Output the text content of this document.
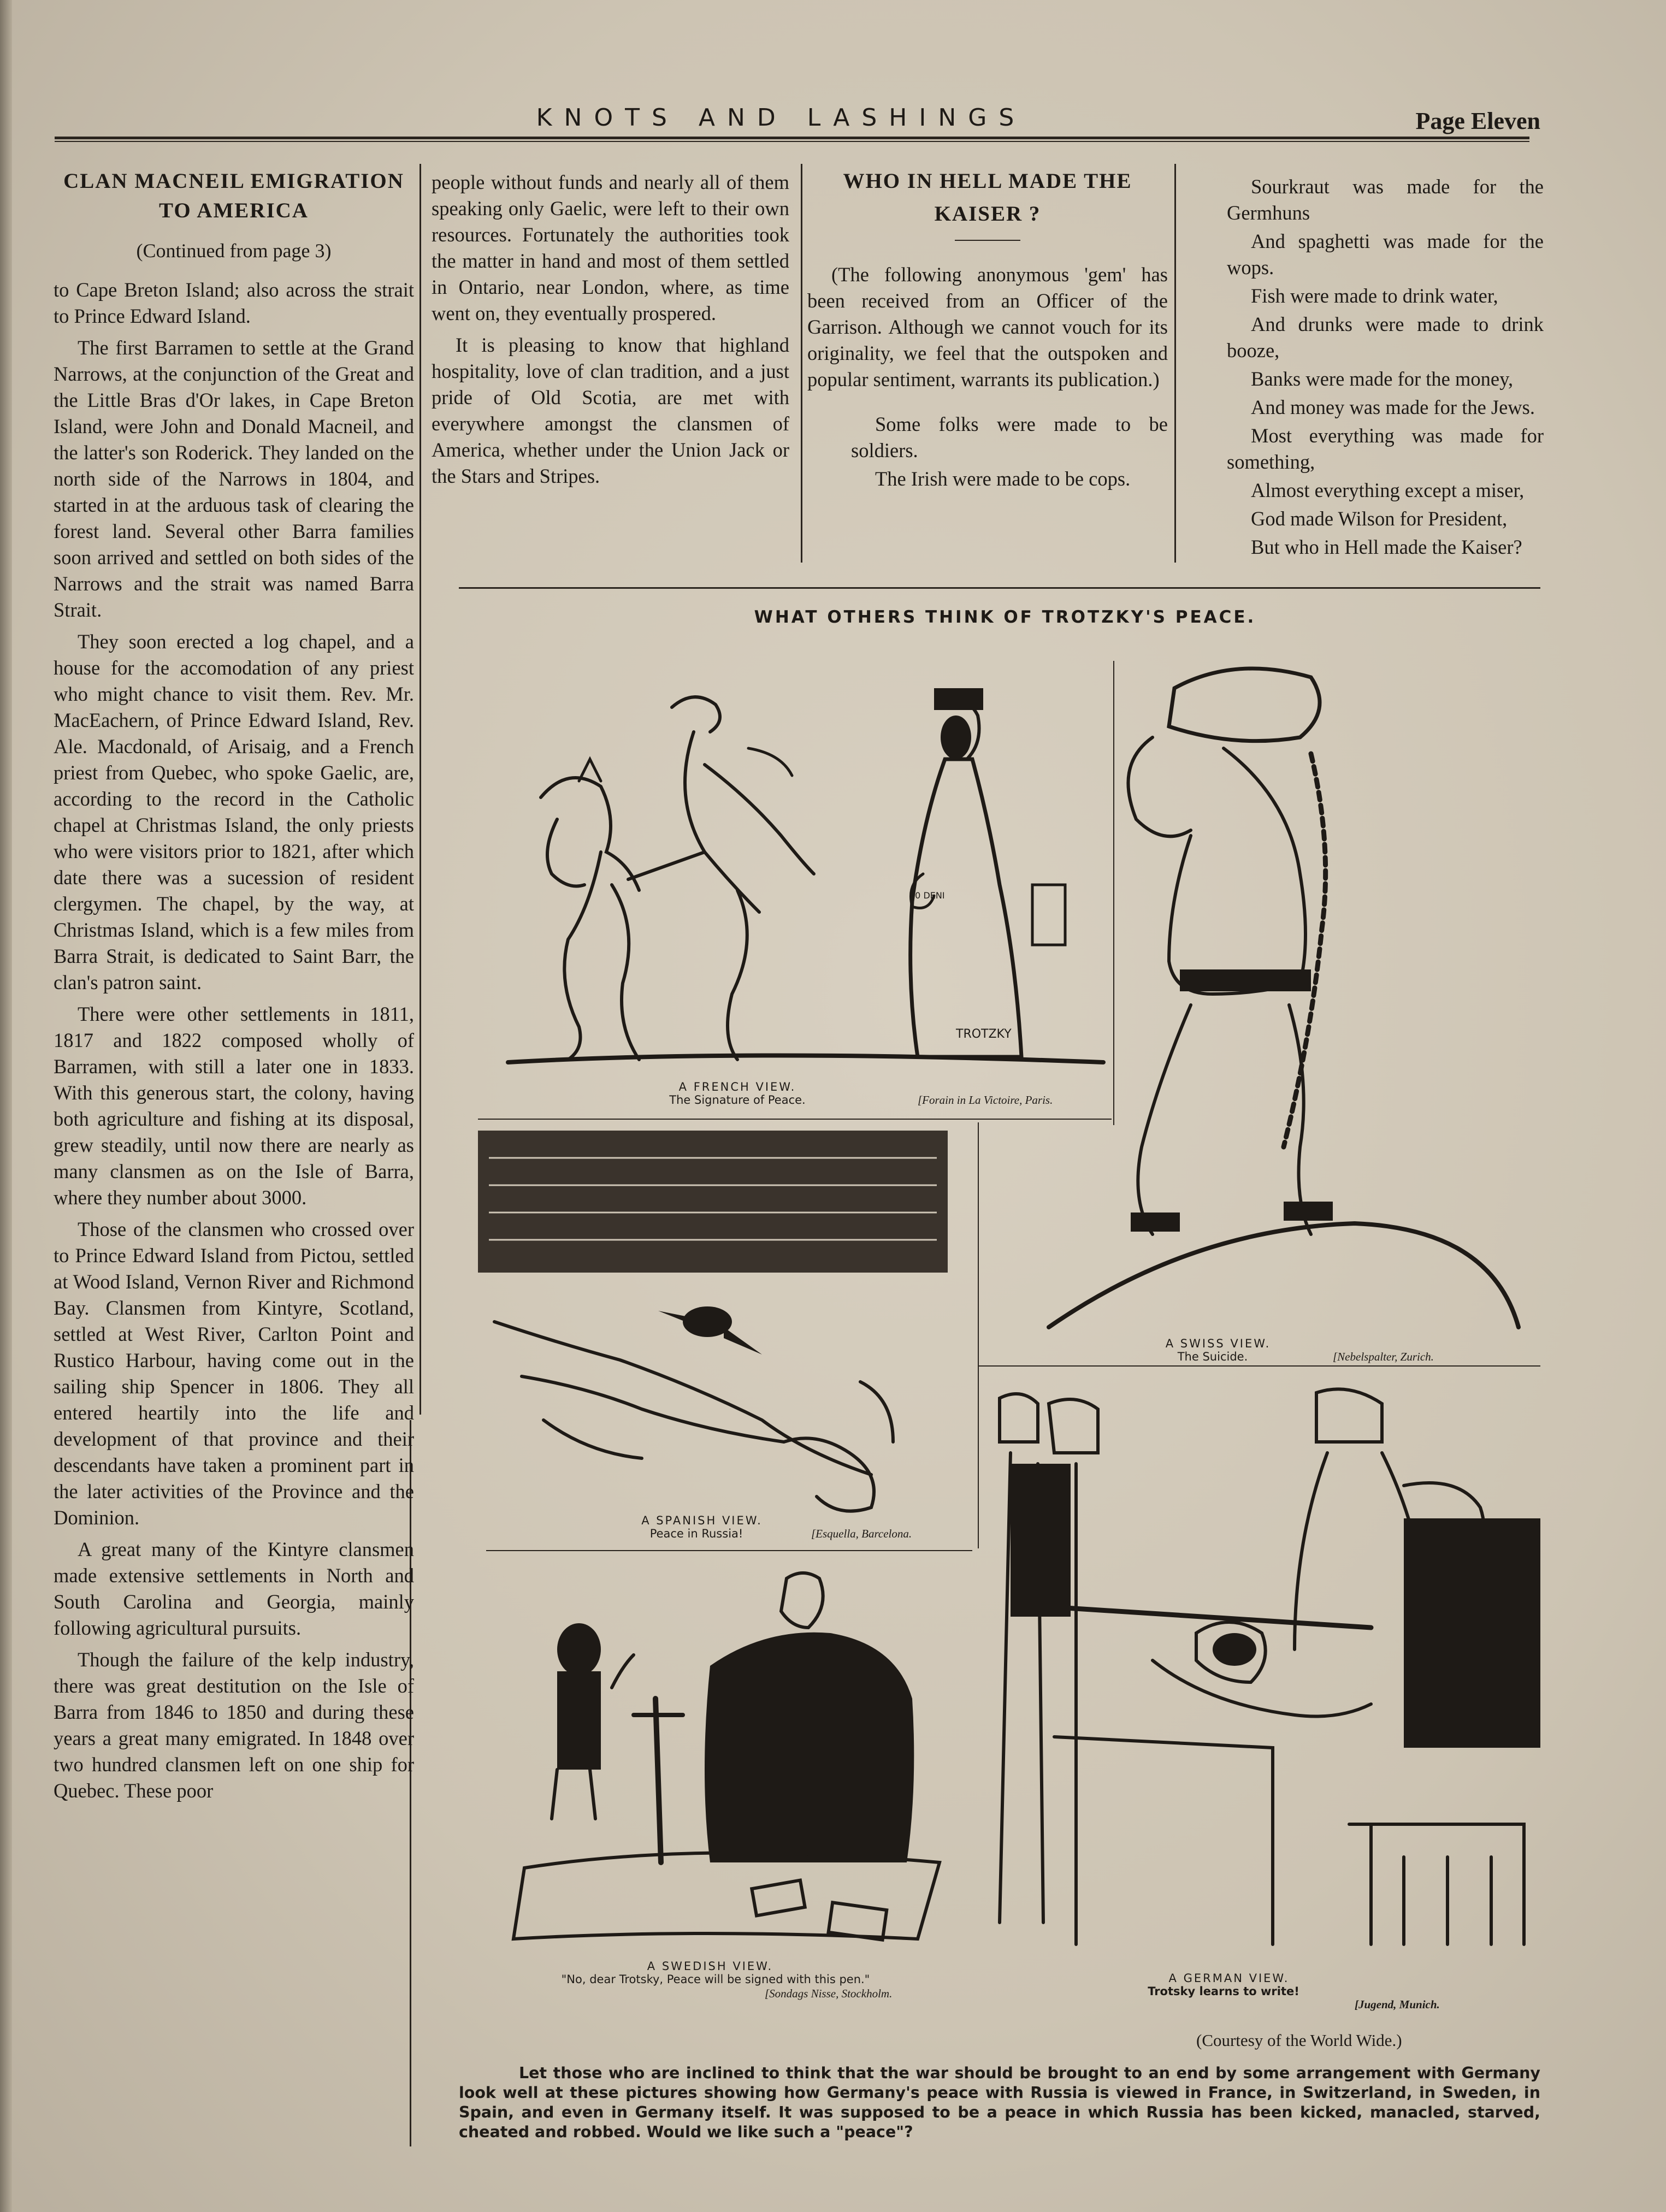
KNOTS AND LASHINGS	Page Eleven
CLAN MACNEIL EMIGRATION
TO AMERICA
(Continued from page 3)

to Cape Breton Island; also across the strait to Prince Edward Island.

The first Barramen to settle at the Grand Narrows, at the conjunction of the Great and the Little Bras d'Or lakes, in Cape Breton Island, were John and Donald Macneil, and the latter's son Roderick. They landed on the north side of the Narrows in 1804, and started in at the arduous task of clearing the forest land. Several other Barra families soon arrived and settled on both sides of the Narrows and the strait was named Barra Strait.

They soon erected a log chapel, and a house for the accomodation of any priest who might chance to visit them. Rev. Mr. MacEachern, of Prince Edward Island, Rev. Ale. Macdonald, of Arisaig, and a French priest from Quebec, who spoke Gaelic, are, according to the record in the Catholic chapel at Christmas Island, the only priests who were visitors prior to 1821, after which date there was a sucession of resident clergymen. The chapel, by the way, at Christmas Island, which is a few miles from Barra Strait, is dedicated to Saint Barr, the clan's patron saint.

There were other settlements in 1811, 1817 and 1822 composed wholly of Barramen, with still a later one in 1833. With this generous start, the colony, having both agriculture and fishing at its disposal, grew steadily, until now there are nearly as many clansmen as on the Isle of Barra, where they number about 3000.

Those of the clansmen who crossed over to Prince Edward Island from Pictou, settled at Wood Island, Vernon River and Richmond Bay. Clansmen from Kintyre, Scotland, settled at West River, Carlton Point and Rustico Harbour, having come out in the sailing ship Spencer in 1806. They all entered heartily into the life and development of that province and their descendants have taken a prominent part in the later activities of the Province and the Dominion.

A great many of the Kintyre clansmen made extensive settlements in North and South Carolina and Georgia, mainly following agricultural pursuits.

Though the failure of the kelp industry, there was great destitution on the Isle of Barra from 1846 to 1850 and during these years a great many emigrated. In 1848 over two hundred clansmen left on one ship for Quebec. These poor

people without funds and nearly all of them speaking only Gaelic, were left to their own resources. Fortunately the authorities took the matter in hand and most of them settled in Ontario, near London, where, as time went on, they eventually prospered.

It is pleasing to know that highland hospitality, love of clan tradition, and a just pride of Old Scotia, are met with everywhere amongst the clansmen of America, whether under the Union Jack or the Stars and Stripes.

WHO IN HELL MADE THE
KAISER ?

(The following anonymous 'gem' has been received from an Officer of the Garrison. Although we cannot vouch for its originality, we feel that the outspoken and popular sentiment, warrants its publication.)

Some folks were made to be soldiers.

The Irish were made to be cops.

Sourkraut was made for the Germhuns

And spaghetti was made for the wops.

Fish were made to drink water,

And drunks were made to drink booze,

Banks were made for the money,

And money was made for the Jews.

Most everything was made for something,

Almost everything except a miser,

God made Wilson for President,

But who in Hell made the Kaiser?

WHAT OTHERS THINK OF TROTZKY'S PEACE.
TROTZKY
20 DENI
A FRENCH VIEW.
The Signature of Peace.	[Forain in La Victoire, Paris.
A SWISS VIEW.
The Suicide.	[Nebelspalter, Zurich.
A SPANISH VIEW.
Peace in Russia!	[Esquella, Barcelona.
A SWEDISH VIEW.
"No, dear Trotsky, Peace will be signed with this pen."
[Sondags Nisse, Stockholm.
A GERMAN VIEW.
Trotsky learns to write!
[Jugend, Munich.
(Courtesy of the World Wide.)
Let those who are inclined to think that the war should be brought to an end by some arrangement with Germany look well at these pictures showing how Germany's peace with Russia is viewed in France, in Switzerland, in Sweden, in Spain, and even in Germany itself. It was supposed to be a peace in which Russia has been kicked, manacled, starved, cheated and robbed. Would we like such a "peace"?
